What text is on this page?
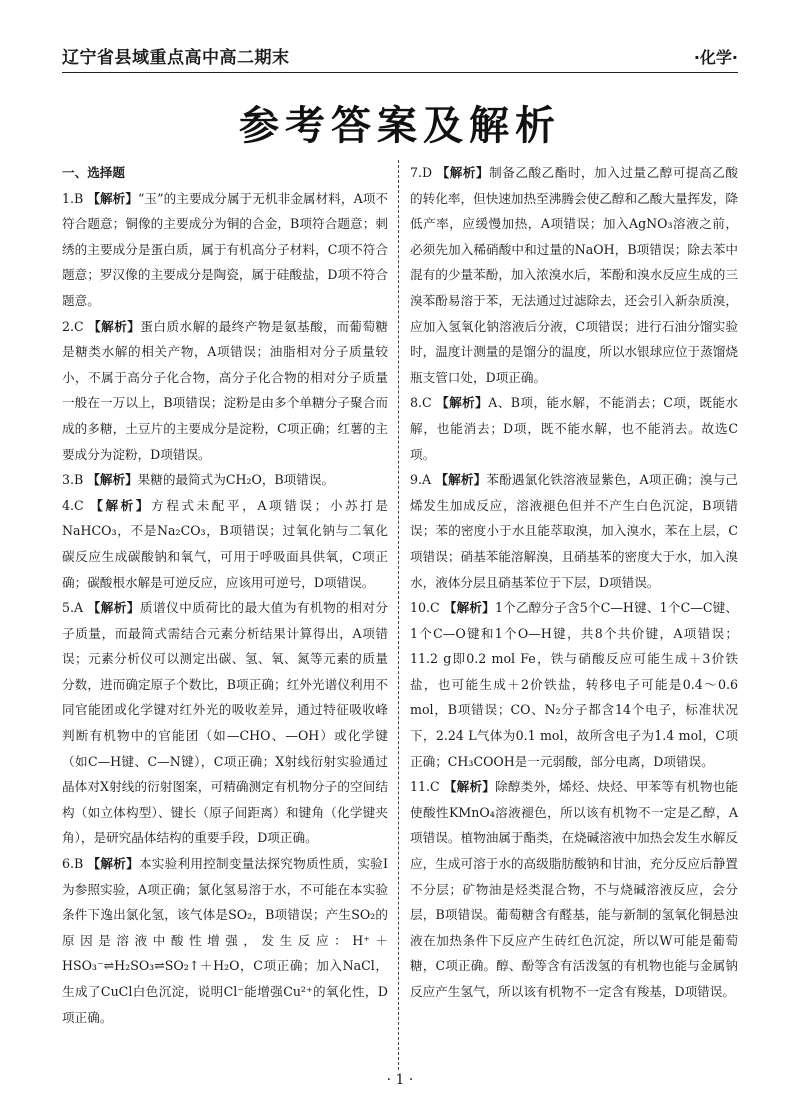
辽宁省县域重点高中高二期末	·化学·
参考答案及解析

一、选择题

1.B 【解析】“玉”的主要成分属于无机非金属材料，A项不符合题意；铜像的主要成分为铜的合金，B项符合题意；刺绣的主要成分是蛋白质，属于有机高分子材料，C项不符合题意；罗汉像的主要成分是陶瓷，属于硅酸盐，D项不符合题意。

2.C 【解析】蛋白质水解的最终产物是氨基酸，而葡萄糖是糖类水解的相关产物，A项错误；油脂相对分子质量较小，不属于高分子化合物，高分子化合物的相对分子质量一般在一万以上，B项错误；淀粉是由多个单糖分子聚合而成的多糖，土豆片的主要成分是淀粉，C项正确；红薯的主要成分为淀粉，D项错误。

3.B 【解析】果糖的最简式为CH₂O，B项错误。

4.C 【解析】方程式未配平，A项错误；小苏打是NaHCO₃，不是Na₂CO₃，B项错误；过氧化钠与二氧化碳反应生成碳酸钠和氧气，可用于呼吸面具供氧，C项正确；碳酸根水解是可逆反应，应该用可逆号，D项错误。

5.A 【解析】质谱仪中质荷比的最大值为有机物的相对分子质量，而最简式需结合元素分析结果计算得出，A项错误；元素分析仪可以测定出碳、氢、氧、氮等元素的质量分数，进而确定原子个数比，B项正确；红外光谱仪利用不同官能团或化学键对红外光的吸收差异，通过特征吸收峰判断有机物中的官能团（如—CHO、—OH）或化学键（如C—H键、C—N键），C项正确；X射线衍射实验通过晶体对X射线的衍射图案，可精确测定有机物分子的空间结构（如立体构型）、键长（原子间距离）和键角（化学键夹角），是研究晶体结构的重要手段，D项正确。

6.B 【解析】本实验利用控制变量法探究物质性质，实验Ⅰ为参照实验，A项正确；氯化氢易溶于水，不可能在本实验条件下逸出氯化氢，该气体是SO₂，B项错误；产生SO₂的原因是溶液中酸性增强，发生反应：H⁺＋HSO₃⁻⇌H₂SO₃⇌SO₂↑＋H₂O，C项正确；加入NaCl，生成了CuCl白色沉淀，说明Cl⁻能增强Cu²⁺的氧化性，D项正确。

7.D 【解析】制备乙酸乙酯时，加入过量乙醇可提高乙酸的转化率，但快速加热至沸腾会使乙醇和乙酸大量挥发，降低产率，应缓慢加热，A项错误；加入AgNO₃溶液之前，必须先加入稀硝酸中和过量的NaOH，B项错误；除去苯中混有的少量苯酚，加入浓溴水后，苯酚和溴水反应生成的三溴苯酚易溶于苯，无法通过过滤除去，还会引入新杂质溴，应加入氢氧化钠溶液后分液，C项错误；进行石油分馏实验时，温度计测量的是馏分的温度，所以水银球应位于蒸馏烧瓶支管口处，D项正确。

8.C 【解析】A、B项，能水解，不能消去；C项，既能水解，也能消去；D项，既不能水解，也不能消去。故选C项。

9.A 【解析】苯酚遇氯化铁溶液显紫色，A项正确；溴与己烯发生加成反应，溶液褪色但并不产生白色沉淀，B项错误；苯的密度小于水且能萃取溴，加入溴水，苯在上层，C项错误；硝基苯能溶解溴，且硝基苯的密度大于水，加入溴水，液体分层且硝基苯位于下层，D项错误。

10.C 【解析】1个乙醇分子含5个C—H键、1个C—C键、1个C—O键和1个O—H键，共8个共价键，A项错误；11.2 g即0.2 mol Fe，铁与硝酸反应可能生成＋3价铁盐，也可能生成＋2价铁盐，转移电子可能是0.4～0.6 mol，B项错误；CO、N₂分子都含14个电子，标准状况下，2.24 L气体为0.1 mol，故所含电子为1.4 mol，C项正确；CH₃COOH是一元弱酸，部分电离，D项错误。

11.C 【解析】除醇类外，烯烃、炔烃、甲苯等有机物也能使酸性KMnO₄溶液褪色，所以该有机物不一定是乙醇，A项错误。植物油属于酯类，在烧碱溶液中加热会发生水解反应，生成可溶于水的高级脂肪酸钠和甘油，充分反应后静置不分层；矿物油是烃类混合物，不与烧碱溶液反应，会分层，B项错误。葡萄糖含有醛基，能与新制的氢氧化铜悬浊液在加热条件下反应产生砖红色沉淀，所以W可能是葡萄糖，C项正确。醇、酚等含有活泼氢的有机物也能与金属钠反应产生氢气，所以该有机物不一定含有羧基，D项错误。

· 1 ·
